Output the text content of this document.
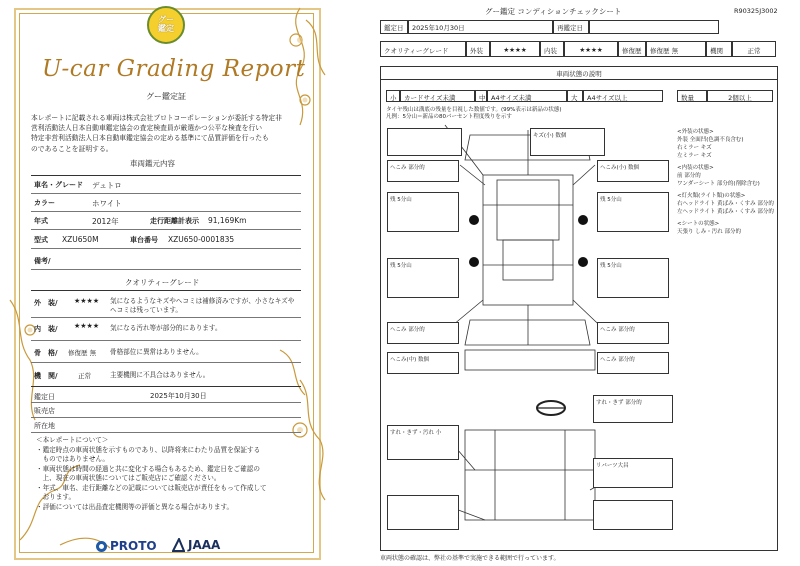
グー
鑑定
U-car Grading Report
グー鑑定証
本レポートに記載される車両は株式会社プロトコーポレーションが委託する特定非
営利活動法人日本自動車鑑定協会の査定検査員が厳選かつ公平な検査を行い
特定非営利活動法人日本自動車鑑定協会の定める基準にて品質評価を行ったも
のであることを証明する。
車両鑑元内容
車名・グレード デュトロ
カラー	ホワイト
年式	2012年	走行距離計表示 91,169Km
型式 XZU650M	車台番号 XZU650-0001835
備考/
クオリティーグレード
外　装/ ★★★★ 気になるようなキズやヘコミは補修済みですが、小さなキズや
ヘコミは残っています。
内　装/ ★★★★ 気になる汚れ等が部分的にあります。
骨　格/ 修復歴 無 骨格部位に異常はありません。
機　関/	正常	主要機関に不具合はありません。
鑑定日	2025年10月30日
販売店
所在地
＜本レポートについて＞
・鑑定時点の車両状態を示すものであり、以降将来にわたり品質を保証する
　ものではありません。
・車両状態は時間の経過と共に変化する場合もあるため、鑑定日をご確認の
　上、現在の車両状態についてはご販売店にご確認ください。
・年式、車名、走行距離などの記載については販売店が責任をもって作成して
　おります。
・評価については出品査定機関等の評価と異なる場合があります。
PROTO	JAAA
R90325J3002
グー鑑定 コンディションチェックシート
鑑定日	2025年10月30日	再鑑定日
クオリティーグレード	外装	★★★★	内装	★★★★	修復歴	修復歴 無	機関	正常
車両状態の説明
小	カードサイズ未満	中 A4サイズ未満	大	A4サイズ以上	数量	2個以上
タイヤ残山は溝底の残量を目視した数値です。(99%表示は新品の状態)
凡例：5分山＝新品の80パーセント程度残りを示す
<外装の状態>
外装 全面凹(色調不良含む)
右ミラー キズ
左ミラー キズ
<内装の状態>
前 部分的
ワンダーシート 部分的(削除含む)
<灯火類(ライト類)の状態>
右ヘッドライト 黄ばみ・くすみ 部分的
左ヘッドライト 黄ばみ・くすみ 部分的
<シートの状態>
天張り しみ・汚れ 部分的
キズ(小) 数個
へこみ 部分的	ヘこみ(小) 数個
残 5分山	残 5分山
残 5分山	残 5分山
へこみ 部分的	へこみ 部分的
ヘこみ(中) 数個	へこみ 部分的
すれ・きず 部分的
すれ・きず・汚れ 小
リバーツ大昌
車両状態の確認は、弊社の基準で実施できる範囲で行っています。
